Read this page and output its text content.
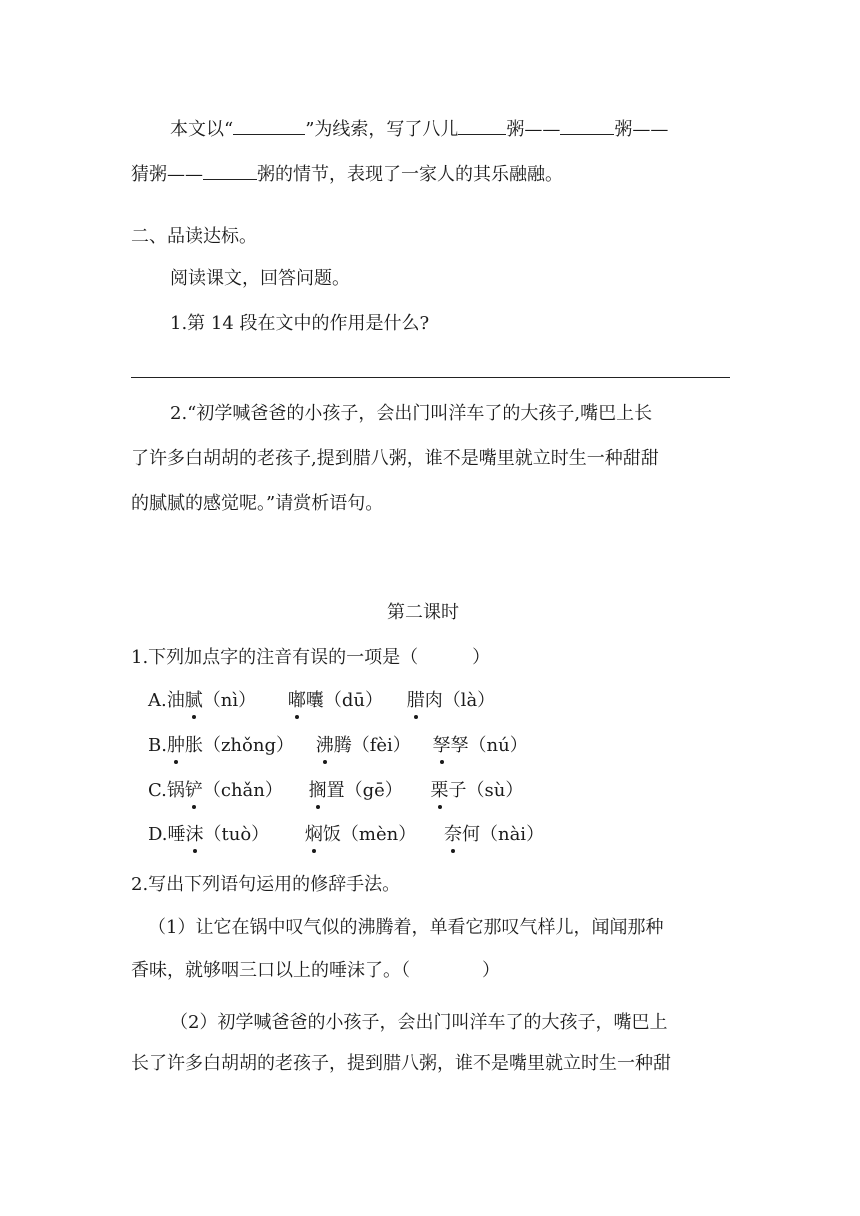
本文以“	”为线索，写了八儿	粥——	粥——
猜粥——	粥的情节，表现了一家人的其乐融融。
二、品读达标。
阅读课文，回答问题。
1.第 14 段在文中的作用是什么?
2.“初学喊爸爸的小孩子，会出门叫洋车了的大孩子,嘴巴上长
了许多白胡胡的老孩子,提到腊八粥，谁不是嘴里就立时生一种甜甜
的腻腻的感觉呢。”请赏析语句。
第二课时
1.下列加点字的注音有误的一项是（　　　）
A.油腻（nì） 嘟囔（dū） 腊肉（là）
B.肿胀（zhǒng） 沸腾（fèi） 孥孥（nú）
C.锅铲（chǎn） 搁置（gē） 栗子（sù）
D.唾沫（tuò） 焖饭（mèn） 奈何（nài）
2.写出下列语句运用的修辞手法。
（1）让它在锅中叹气似的沸腾着，单看它那叹气样儿，闻闻那种
香味，就够咽三口以上的唾沫了。（　　　　）
（2）初学喊爸爸的小孩子，会出门叫洋车了的大孩子，嘴巴上
长了许多白胡胡的老孩子，提到腊八粥，谁不是嘴里就立时生一种甜
